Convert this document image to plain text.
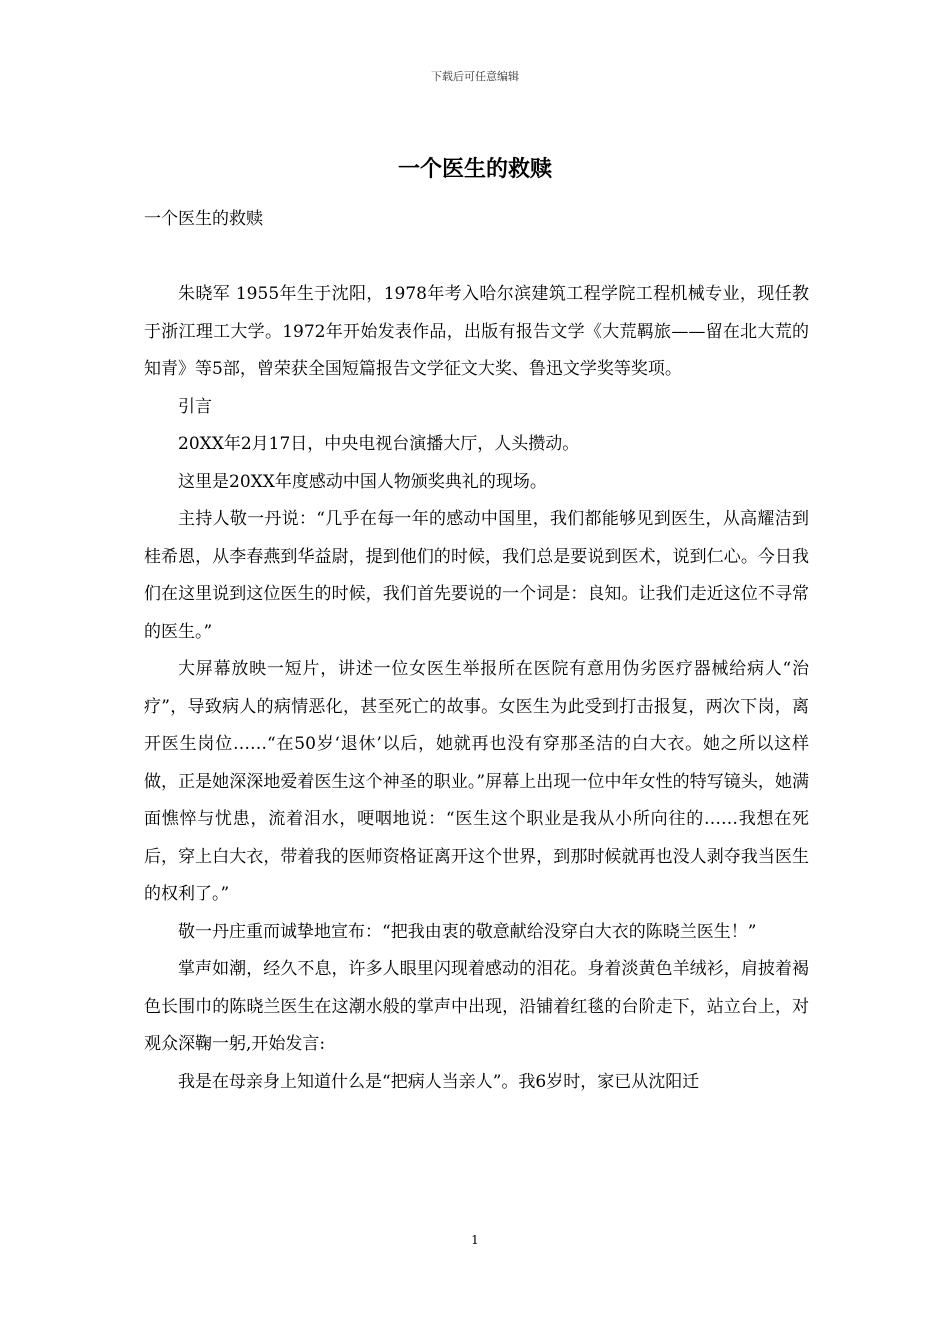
下载后可任意编辑
一个医生的救赎

一个医生的救赎

朱晓军 1955年生于沈阳，1978年考入哈尔滨建筑工程学院工程机械专业，现任教于浙江理工大学。1972年开始发表作品，出版有报告文学《大荒羁旅——留在北大荒的知青》等5部，曾荣获全国短篇报告文学征文大奖、鲁迅文学奖等奖项。

引言

20XX年2月17日，中央电视台演播大厅，人头攒动。

这里是20XX年度感动中国人物颁奖典礼的现场。

主持人敬一丹说：“几乎在每一年的感动中国里，我们都能够见到医生，从高耀洁到桂希恩，从李春燕到华益尉，提到他们的时候，我们总是要说到医术，说到仁心。今日我们在这里说到这位医生的时候，我们首先要说的一个词是：良知。让我们走近这位不寻常的医生。”

大屏幕放映一短片，讲述一位女医生举报所在医院有意用伪劣医疗器械给病人“治疗”，导致病人的病情恶化，甚至死亡的故事。女医生为此受到打击报复，两次下岗，离开医生岗位……“在50岁‘退休’以后，她就再也没有穿那圣洁的白大衣。她之所以这样做，正是她深深地爱着医生这个神圣的职业。”屏幕上出现一位中年女性的特写镜头，她满面憔悴与忧患，流着泪水，哽咽地说：“医生这个职业是我从小所向往的……我想在死后，穿上白大衣，带着我的医师资格证离开这个世界，到那时候就再也没人剥夺我当医生的权利了。”

敬一丹庄重而诚挚地宣布：“把我由衷的敬意献给没穿白大衣的陈晓兰医生！”

掌声如潮，经久不息，许多人眼里闪现着感动的泪花。身着淡黄色羊绒衫，肩披着褐色长围巾的陈晓兰医生在这潮水般的掌声中出现，沿铺着红毯的台阶走下，站立台上，对观众深鞠一躬,开始发言:

我是在母亲身上知道什么是“把病人当亲人”。我6岁时，家已从沈阳迁

1
